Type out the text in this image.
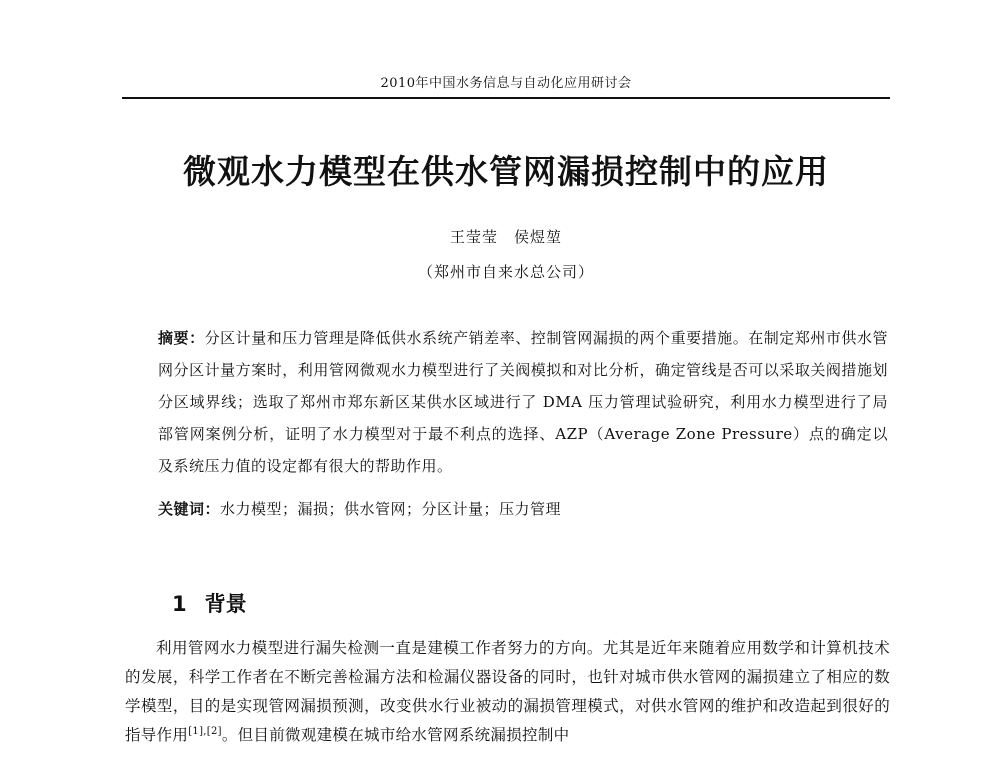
2010年中国水务信息与自动化应用研讨会
微观水力模型在供水管网漏损控制中的应用
王莹莹　侯煜堃
（郑州市自来水总公司）
摘要：分区计量和压力管理是降低供水系统产销差率、控制管网漏损的两个重要措施。在制定郑州市供水管网分区计量方案时，利用管网微观水力模型进行了关阀模拟和对比分析，确定管线是否可以采取关阀措施划分区域界线；选取了郑州市郑东新区某供水区域进行了 DMA 压力管理试验研究，利用水力模型进行了局部管网案例分析，证明了水力模型对于最不利点的选择、AZP（Average Zone Pressure）点的确定以及系统压力值的设定都有很大的帮助作用。
关键词：水力模型；漏损；供水管网；分区计量；压力管理
1 背景
利用管网水力模型进行漏失检测一直是建模工作者努力的方向。尤其是近年来随着应用数学和计算机技术的发展，科学工作者在不断完善检漏方法和检漏仪器设备的同时，也针对城市供水管网的漏损建立了相应的数学模型，目的是实现管网漏损预测，改变供水行业被动的漏损管理模式，对供水管网的维护和改造起到很好的指导作用[1],[2]。但目前微观建模在城市给水管网系统漏损控制中
